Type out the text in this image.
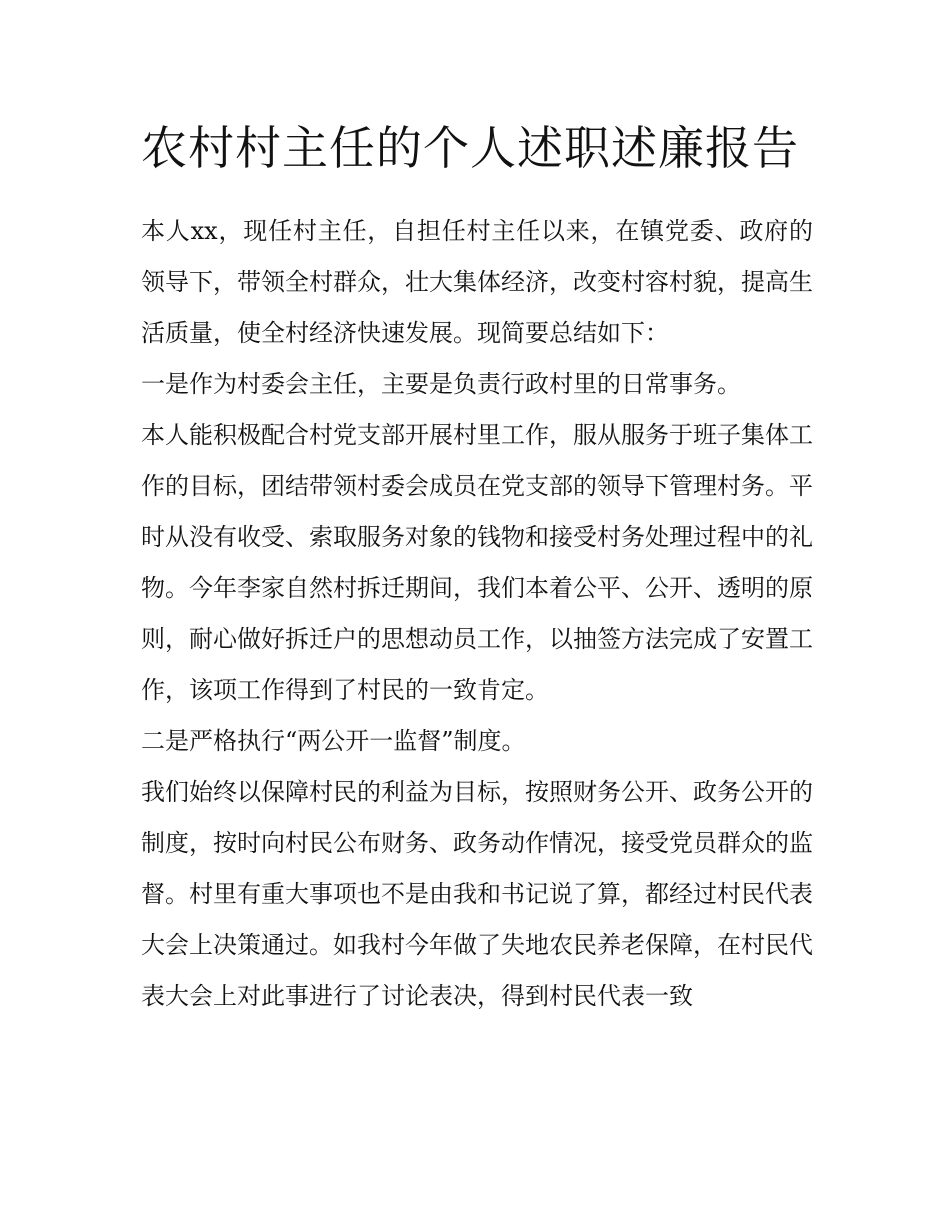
农村村主任的个人述职述廉报告

本人xx，现任村主任，自担任村主任以来，在镇党委、政府的领导下，带领全村群众，壮大集体经济，改变村容村貌，提高生活质量，使全村经济快速发展。现简要总结如下：

一是作为村委会主任，主要是负责行政村里的日常事务。

本人能积极配合村党支部开展村里工作，服从服务于班子集体工作的目标，团结带领村委会成员在党支部的领导下管理村务。平时从没有收受、索取服务对象的钱物和接受村务处理过程中的礼物。今年李家自然村拆迁期间，我们本着公平、公开、透明的原则，耐心做好拆迁户的思想动员工作，以抽签方法完成了安置工作，该项工作得到了村民的一致肯定。

二是严格执行“两公开一监督”制度。

我们始终以保障村民的利益为目标，按照财务公开、政务公开的制度，按时向村民公布财务、政务动作情况，接受党员群众的监督。村里有重大事项也不是由我和书记说了算，都经过村民代表大会上决策通过。如我村今年做了失地农民养老保障，在村民代表大会上对此事进行了讨论表决，得到村民代表一致
